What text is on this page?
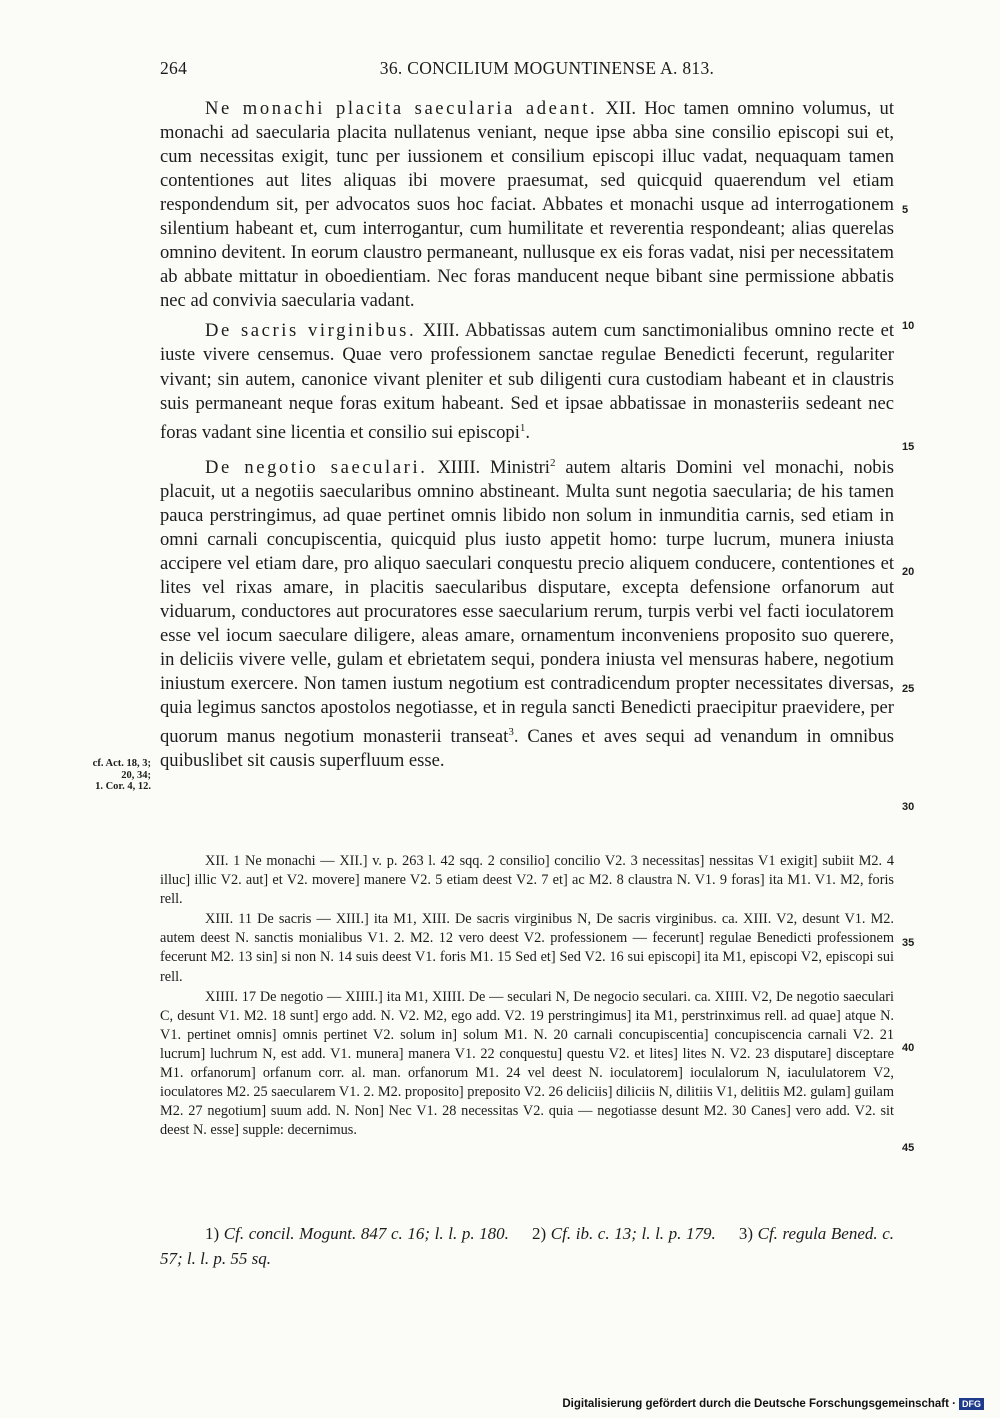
264	36. CONCILIUM MOGUNTINENSE A. 813.

Ne monachi placita saecularia adeant. XII. Hoc tamen omnino volumus, ut monachi ad saecularia placita nullatenus veniant, neque ipse abba sine consilio episcopi sui et, cum necessitas exigit, tunc per iussionem et consilium episcopi illuc vadat, nequaquam tamen contentiones aut lites aliquas ibi movere praesumat, sed quicquid quaerendum vel etiam respondendum sit, per advocatos suos hoc faciat. Abbates et monachi usque ad interrogationem silentium habeant et, cum interrogantur, cum humilitate et reverentia respondeant; alias querelas omnino devitent. In eorum claustro permaneant, nullusque ex eis foras vadat, nisi per necessitatem ab abbate mittatur in oboedientiam. Nec foras manducent neque bibant sine permissione abbatis nec ad convivia saecularia vadant.

De sacris virginibus. XIII. Abbatissas autem cum sanctimonialibus omnino recte et iuste vivere censemus. Quae vero professionem sanctae regulae Benedicti fecerunt, regulariter vivant; sin autem, canonice vivant pleniter et sub diligenti cura custodiam habeant et in claustris suis permaneant neque foras exitum habeant. Sed et ipsae abbatissae in monasteriis sedeant nec foras vadant sine licentia et consilio sui episcopi$^1$.

De negotio saeculari. XIIII. Ministri$^2$ autem altaris Domini vel monachi, nobis placuit, ut a negotiis saecularibus omnino abstineant. Multa sunt negotia saecularia; de his tamen pauca perstringimus, ad quae pertinet omnis libido non solum in inmunditia carnis, sed etiam in omni carnali concupiscentia, quicquid plus iusto appetit homo: turpe lucrum, munera iniusta accipere vel etiam dare, pro aliquo saeculari conquestu precio aliquem conducere, contentiones et lites vel rixas amare, in placitis saecularibus disputare, excepta defensione orfanorum aut viduarum, conductores aut procuratores esse saecularium rerum, turpis verbi vel facti ioculatorem esse vel iocum saeculare diligere, aleas amare, ornamentum inconveniens proposito suo querere, in deliciis vivere velle, gulam et ebrietatem sequi, pondera iniusta vel mensuras habere, negotium iniustum exercere. Non tamen iustum negotium est contradicendum propter necessitates diversas, quia legimus sanctos apostolos negotiasse, et in regula sancti Benedicti praecipitur praevidere, per quorum manus negotium monasterii transeat$^3$. Canes et aves sequi ad venandum in omnibus quibuslibet sit causis superfluum esse.

5
10
15
20
25
30
35
40
45
cf. Act. 18, 3;
20, 34;
1. Cor. 4, 12.

XII. 1 Ne monachi — XII.] v. p. 263 l. 42 sqq. 2 consilio] concilio V2. 3 necessitas] nessitas V1 exigit] subiit M2. 4 illuc] illic V2. aut] et V2. movere] manere V2. 5 etiam deest V2. 7 et] ac M2. 8 claustra N. V1. 9 foras] ita M1. V1. M2, foris rell.

XIII. 11 De sacris — XIII.] ita M1, XIII. De sacris virginibus N, De sacris virginibus. ca. XIII. V2, desunt V1. M2. autem deest N. sanctis monialibus V1. 2. M2. 12 vero deest V2. professionem — fecerunt] regulae Benedicti professionem fecerunt M2. 13 sin] si non N. 14 suis deest V1. foris M1. 15 Sed et] Sed V2. 16 sui episcopi] ita M1, episcopi V2, episcopi sui rell.

XIIII. 17 De negotio — XIIII.] ita M1, XIIII. De — seculari N, De negocio seculari. ca. XIIII. V2, De negotio saeculari C, desunt V1. M2. 18 sunt] ergo add. N. V2. M2, ego add. V2. 19 perstringimus] ita M1, perstrinximus rell. ad quae] atque N. V1. pertinet omnis] omnis pertinet V2. solum in] solum M1. N. 20 carnali concupiscentia] concupiscencia carnali V2. 21 lucrum] luchrum N, est add. V1. munera] manera V1. 22 conquestu] questu V2. et lites] lites N. V2. 23 disputare] disceptare M1. orfanorum] orfanum corr. al. man. orfanorum M1. 24 vel deest N. ioculatorem] ioculalorum N, iacululatorem V2, ioculatores M2. 25 saecularem V1. 2. M2. proposito] preposito V2. 26 deliciis] diliciis N, dilitiis V1, delitiis M2. gulam] guilam M2. 27 negotium] suum add. N. Non] Nec V1. 28 necessitas V2. quia — negotiasse desunt M2. 30 Canes] vero add. V2. sit deest N. esse] supple: decernimus.

1) Cf. concil. Mogunt. 847 c. 16; l. l. p. 180. 2) Cf. ib. c. 13; l. l. p. 179. 3) Cf. regula Bened. c. 57; l. l. p. 55 sq.
Digitalisierung gefördert durch die Deutsche Forschungsgemeinschaft · DFG
